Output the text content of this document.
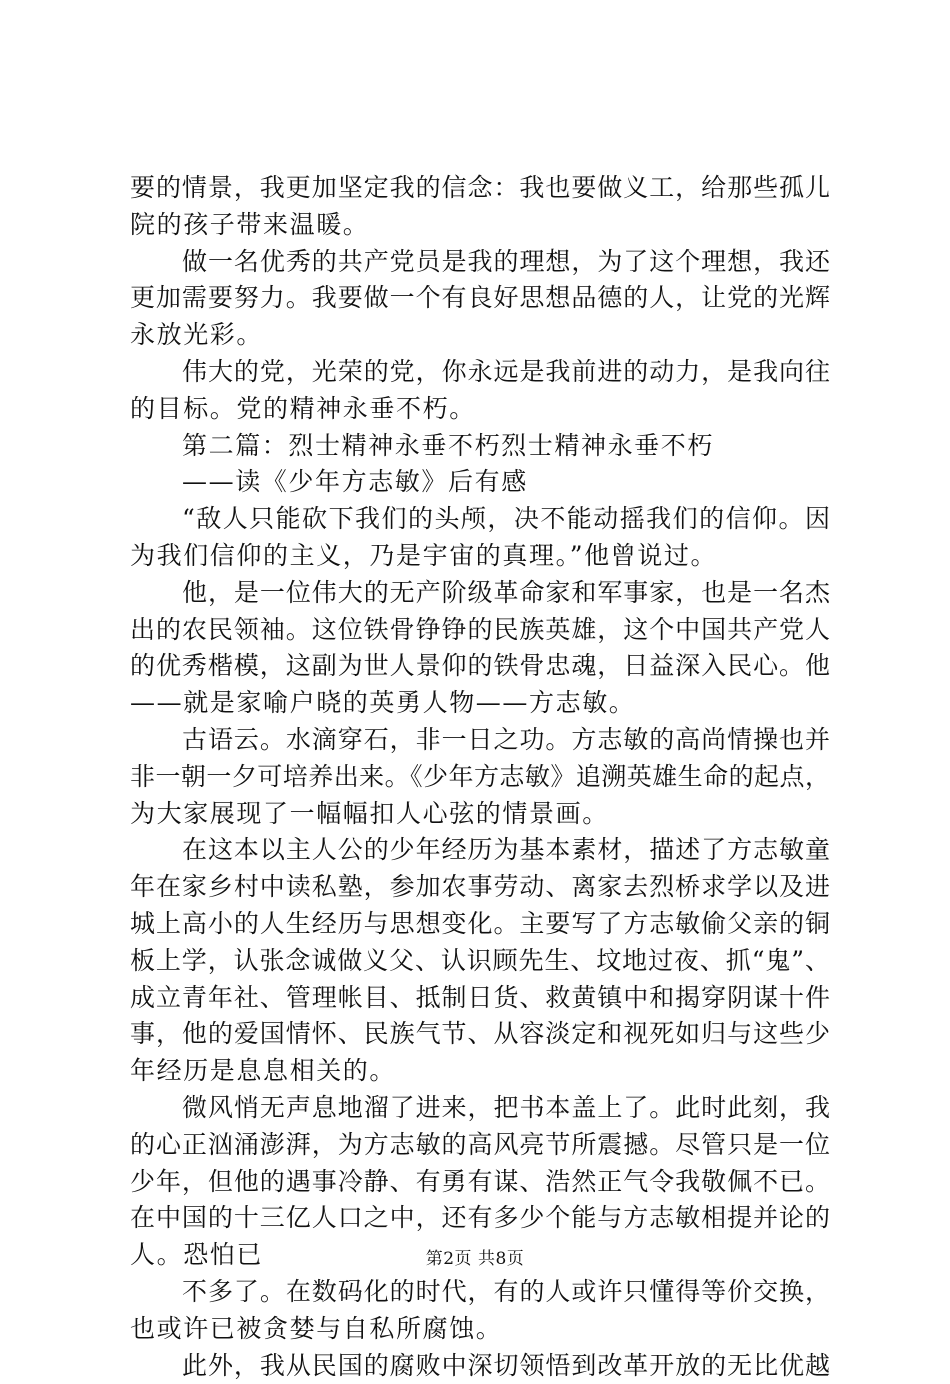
要的情景，我更加坚定我的信念：我也要做义工，给那些孤儿
院的孩子带来温暖。
做一名优秀的共产党员是我的理想，为了这个理想，我还
更加需要努力。我要做一个有良好思想品德的人，让党的光辉
永放光彩。
伟大的党，光荣的党，你永远是我前进的动力，是我向往
的目标。党的精神永垂不朽。
第二篇：烈士精神永垂不朽烈士精神永垂不朽
——读《少年方志敏》后有感
“敌人只能砍下我们的头颅，决不能动摇我们的信仰。因
为我们信仰的主义，乃是宇宙的真理。”他曾说过。
他，是一位伟大的无产阶级革命家和军事家，也是一名杰
出的农民领袖。这位铁骨铮铮的民族英雄，这个中国共产党人
的优秀楷模，这副为世人景仰的铁骨忠魂，日益深入民心。他
——就是家喻户晓的英勇人物——方志敏。
古语云。水滴穿石，非一日之功。方志敏的高尚情操也并
非一朝一夕可培养出来。《少年方志敏》追溯英雄生命的起点，
为大家展现了一幅幅扣人心弦的情景画。
在这本以主人公的少年经历为基本素材，描述了方志敏童
年在家乡村中读私塾，参加农事劳动、离家去烈桥求学以及进
城上高小的人生经历与思想变化。主要写了方志敏偷父亲的铜
板上学，认张念诚做义父、认识顾先生、坟地过夜、抓“鬼”、
成立青年社、管理帐目、抵制日货、救黄镇中和揭穿阴谋十件
事，他的爱国情怀、民族气节、从容淡定和视死如归与这些少
年经历是息息相关的。
微风悄无声息地溜了进来，把书本盖上了。此时此刻，我
的心正汹涌澎湃，为方志敏的高风亮节所震撼。尽管只是一位
少年，但他的遇事冷静、有勇有谋、浩然正气令我敬佩不已。
在中国的十三亿人口之中，还有多少个能与方志敏相提并论的
人。恐怕已
不多了。在数码化的时代，有的人或许只懂得等价交换，
也或许已被贪婪与自私所腐蚀。
此外，我从民国的腐败中深切领悟到改革开放的无比优越
第2页 共8页
